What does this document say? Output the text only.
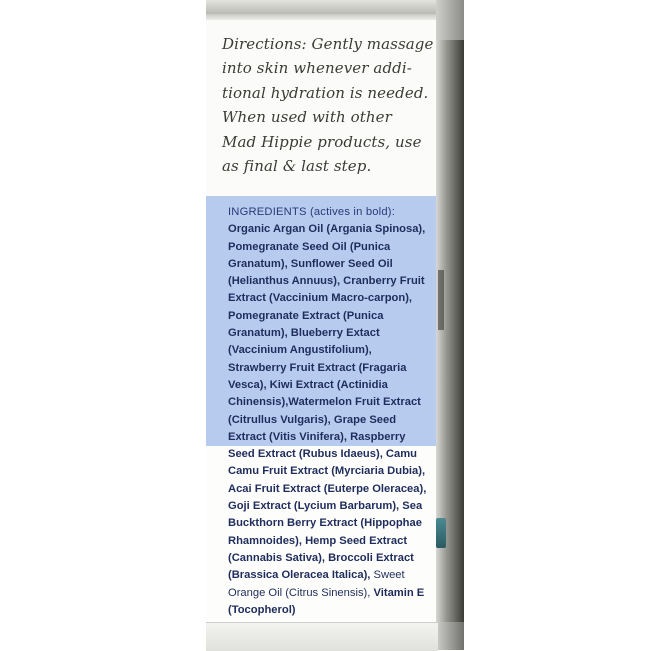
Directions: Gently massage
into skin whenever addi-
tional hydration is needed.
When used with other
Mad Hippie products, use
as final & last step.
INGREDIENTS (actives in bold):
Organic Argan Oil (Argania Spinosa), Pomegranate Seed Oil (Punica Granatum), Sunflower Seed Oil (Helianthus Annuus), Cranberry Fruit Extract (Vaccinium Macro-carpon), Pomegranate Extract (Punica Granatum), Blueberry Extact (Vaccinium Angustifolium), Strawberry Fruit Extract (Fragaria Vesca), Kiwi Extract (Actinidia Chinensis),Watermelon Fruit Extract (Citrullus Vulgaris), Grape Seed Extract (Vitis Vinifera), Raspberry Seed Extract (Rubus Idaeus), Camu Camu Fruit Extract (Myrciaria Dubia), Acai Fruit Extract (Euterpe Oleracea), Goji Extract (Lycium Barbarum), Sea Buckthorn Berry Extract (Hippophae Rhamnoides), Hemp Seed Extract (Cannabis Sativa), Broccoli Extract (Brassica Oleracea Italica), Sweet Orange Oil (Citrus Sinensis), Vitamin E (Tocopherol)
